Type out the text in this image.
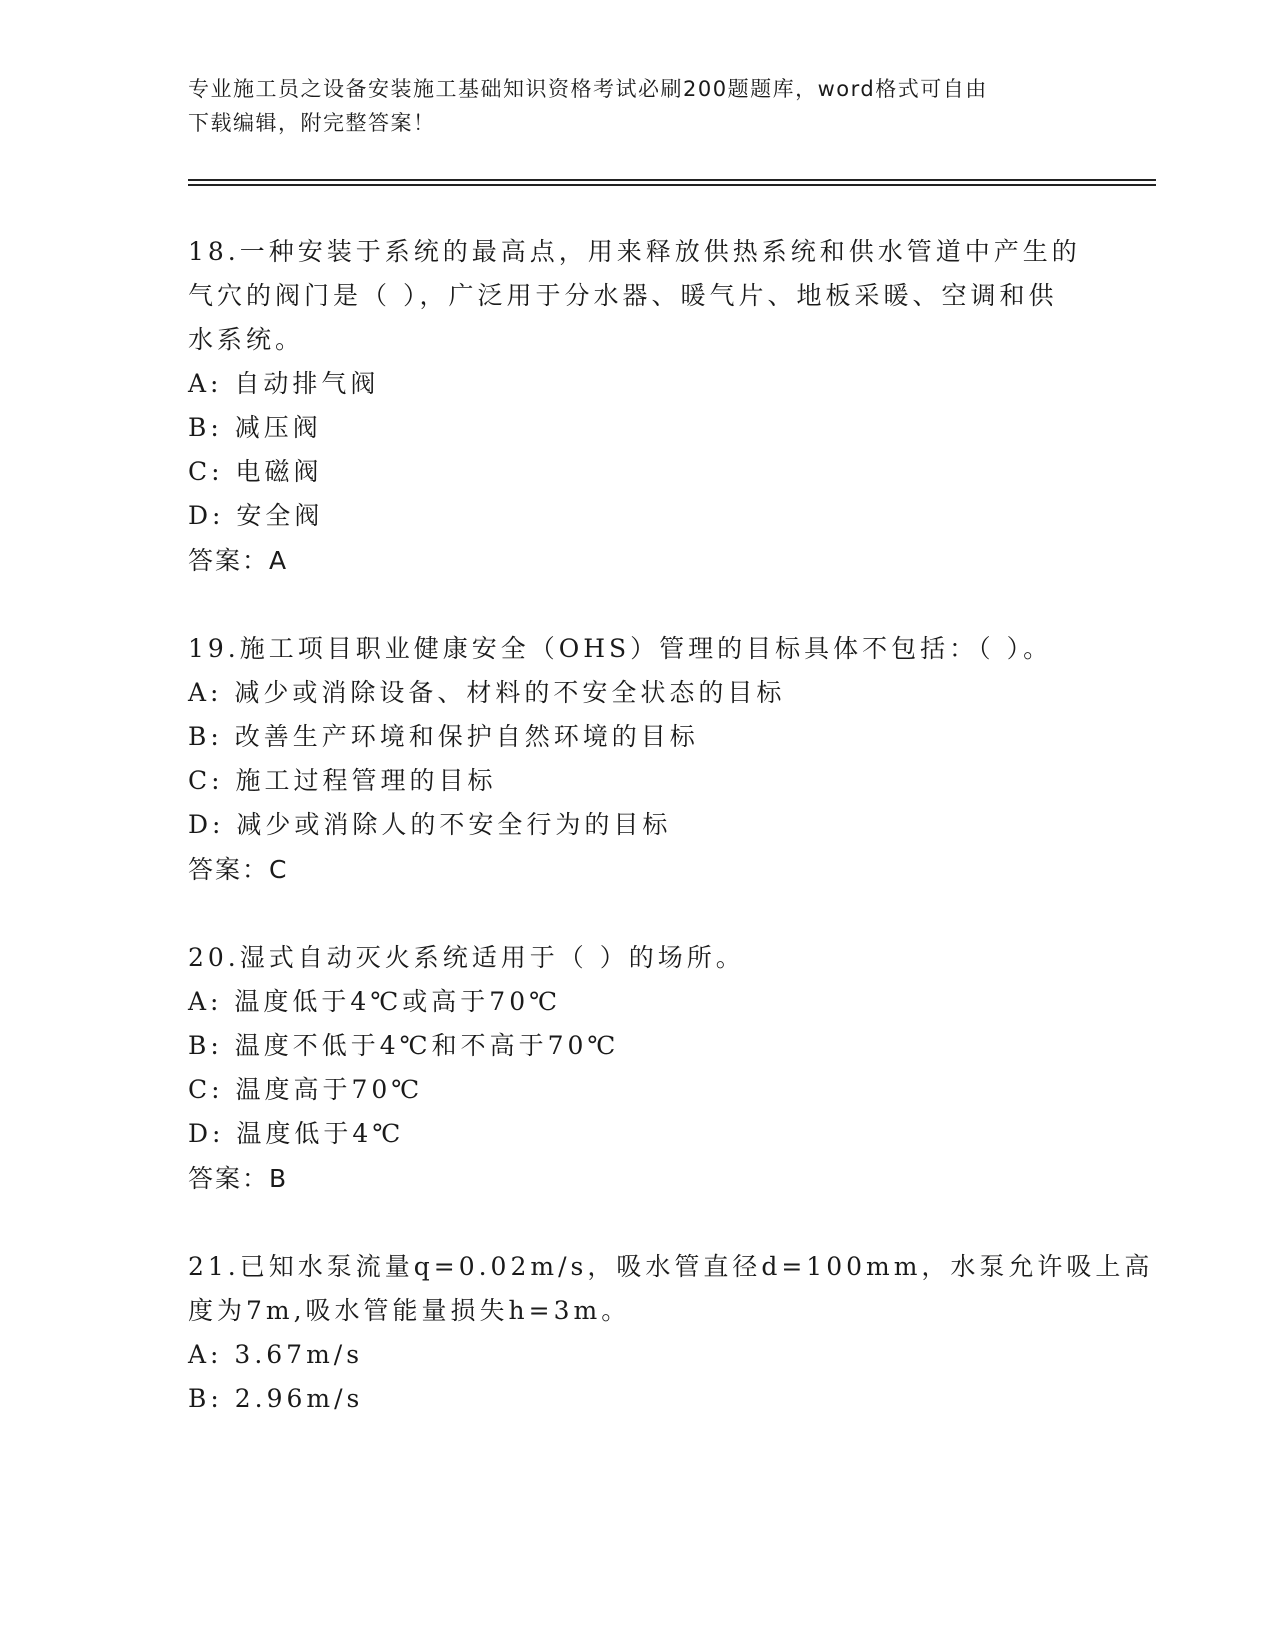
专业施工员之设备安装施工基础知识资格考试必刷200题题库，word格式可自由
下载编辑，附完整答案！
18.一种安装于系统的最高点，用来释放供热系统和供水管道中产生的
气穴的阀门是（ ），广泛用于分水器、暖气片、地板采暖、空调和供
水系统。
A: 自动排气阀
B: 减压阀
C: 电磁阀
D: 安全阀
答案：A
19.施工项目职业健康安全（OHS）管理的目标具体不包括：（ ）。
A: 减少或消除设备、材料的不安全状态的目标
B: 改善生产环境和保护自然环境的目标
C: 施工过程管理的目标
D: 减少或消除人的不安全行为的目标
答案：C
20.湿式自动灭火系统适用于（ ）的场所。
A: 温度低于4℃或高于70℃
B: 温度不低于4℃和不高于70℃
C: 温度高于70℃
D: 温度低于4℃
答案：B
21.已知水泵流量q=0.02m/s，吸水管直径d=100mm，水泵允许吸上高
度为7m,吸水管能量损失h=3m。
A: 3.67m/s
B: 2.96m/s
